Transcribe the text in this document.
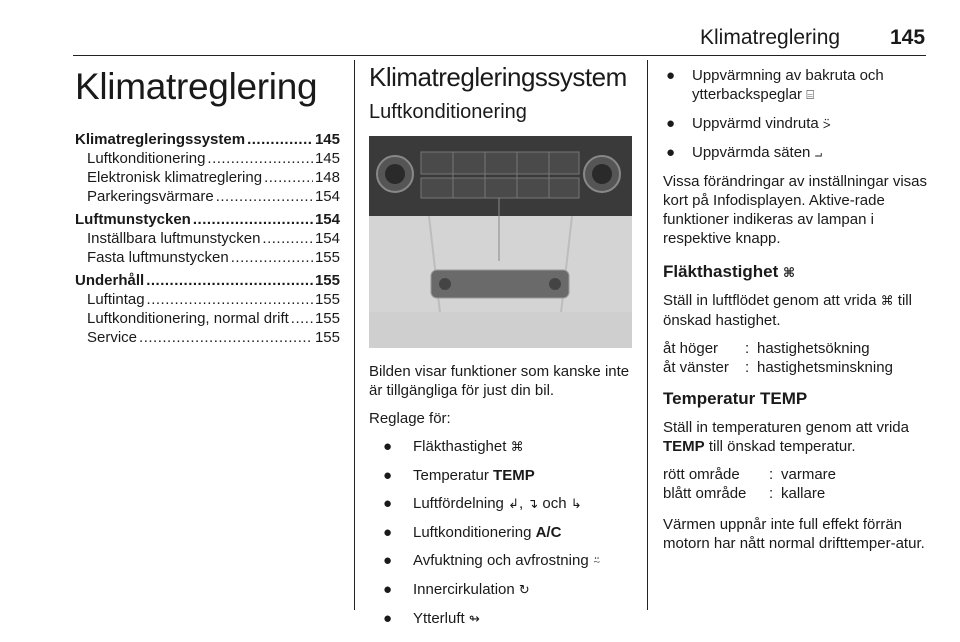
Klimatreglering 145
Klimatreglering
Klimatregleringssystem .....	145
Luftkonditionering .....	145
Elektronisk klimatreglering .....	148
Parkeringsvärmare .....	154
Luftmunstycken .....	154
Inställbara luftmunstycken .....	154
Fasta luftmunstycken .....	155
Underhåll .....	155
Luftintag .....	155
Luftkonditionering, normal drift ..... 155
Service .....	155
Klimatregleringssystem
Luftkonditionering

Bilden visar funktioner som kanske inte är tillgängliga för just din bil.

Reglage för:

● Fläkthastighet ⌘
● Temperatur TEMP
● Luftfördelning ↲, ↴ och ↳
● Luftkonditionering A/C
● Avfuktning och avfrostning ⍨
● Innercirkulation ↻
● Ytterluft ↬
● Uppvärmning av bakruta och ytterbackspeglar ⌸
● Uppvärmd vindruta ⍩
● Uppvärmda säten ⨼

Vissa förändringar av inställningar visas kort på Infodisplayen. Aktive-rade funktioner indikeras av lampan i respektive knapp.

Fläkthastighet ⌘

Ställ in luftflödet genom att vrida ⌘ till önskad hastighet.

åt höger	: hastighetsökning
åt vänster	: hastighetsminskning
Temperatur TEMP

Ställ in temperaturen genom att vrida TEMP till önskad temperatur.

rött område	: varmare
blått område	: kallare

Värmen uppnår inte full effekt förrän motorn har nått normal drifttemper-atur.
